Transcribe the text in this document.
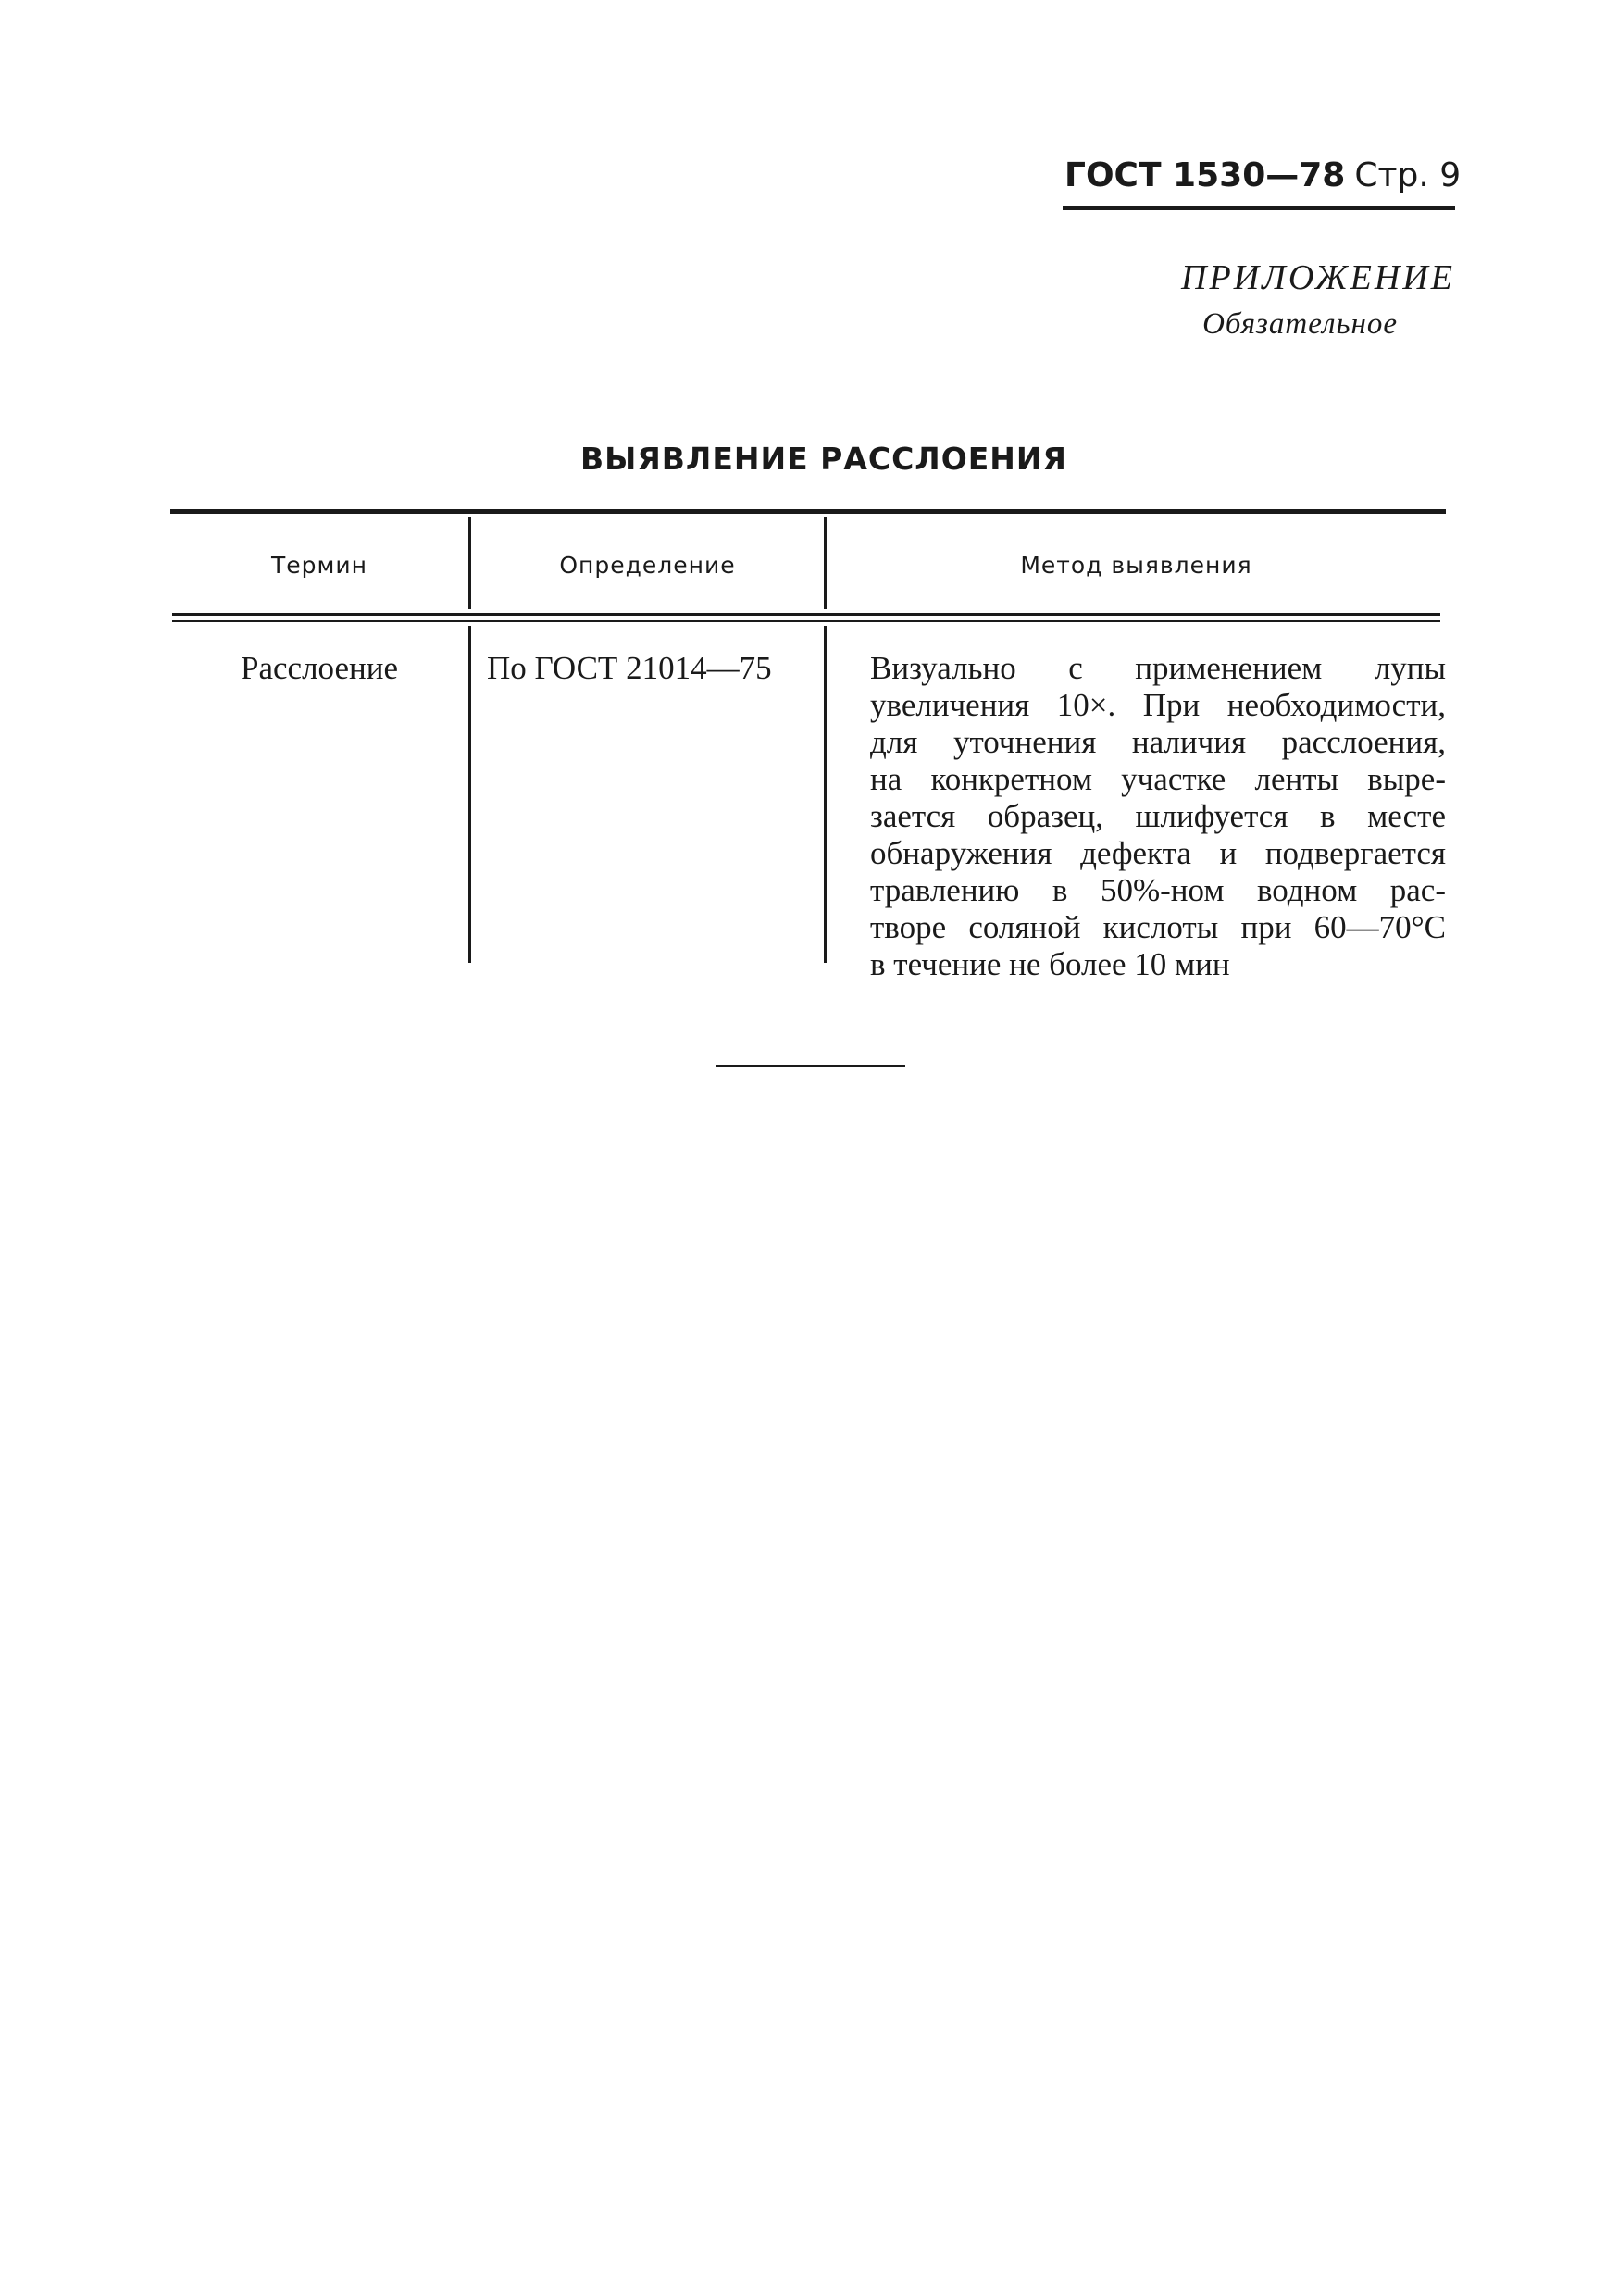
ГОСТ 1530—78 Стр. 9
ПРИЛОЖЕНИЕ
Обязательное
ВЫЯВЛЕНИЕ РАССЛОЕНИЯ
Термин	Определение	Метод выявления
Расслоение	По ГОСТ 21014—75	Визуально с применением лупы
увеличения 10×. При необходимости,
для уточнения наличия расслоения,
на конкретном участке ленты выре-
зается образец, шлифуется в месте
обнаружения дефекта и подвергается
травлению в 50%-ном водном рас-
творе соляной кислоты при 60—70°С
в течение не более 10 мин
